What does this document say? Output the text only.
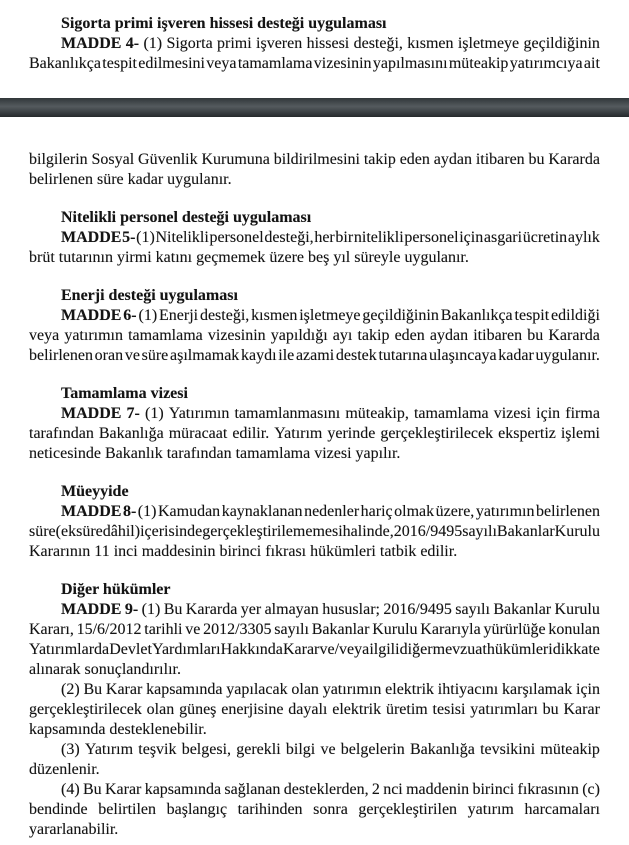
Sigorta primi işveren hissesi desteği uygulaması
MADDE 4- (1) Sigorta primi işveren hissesi desteği, kısmen işletmeye geçildiğinin
Bakanlıkça tespit edilmesini veya tamamlama vizesinin yapılmasını müteakip yatırımcıya ait
bilgilerin Sosyal Güvenlik Kurumuna bildirilmesini takip eden aydan itibaren bu Kararda
belirlenen süre kadar uygulanır.
Nitelikli personel desteği uygulaması
MADDE 5- (1) Nitelikli personel desteği, her bir nitelikli personel için asgari ücretin aylık
brüt tutarının yirmi katını geçmemek üzere beş yıl süreyle uygulanır.
Enerji desteği uygulaması
MADDE 6- (1) Enerji desteği, kısmen işletmeye geçildiğinin Bakanlıkça tespit edildiği
veya yatırımın tamamlama vizesinin yapıldığı ayı takip eden aydan itibaren bu Kararda
belirlenen oran ve süre aşılmamak kaydı ile azami destek tutarına ulaşıncaya kadar uygulanır.
Tamamlama vizesi
MADDE 7- (1) Yatırımın tamamlanmasını müteakip, tamamlama vizesi için firma
tarafından Bakanlığa müracaat edilir. Yatırım yerinde gerçekleştirilecek ekspertiz işlemi
neticesinde Bakanlık tarafından tamamlama vizesi yapılır.
Müeyyide
MADDE 8- (1) Kamudan kaynaklanan nedenler hariç olmak üzere, yatırımın belirlenen
süre (ek süre dâhil) içerisinde gerçekleştirilememesi halinde, 2016/9495 sayılı Bakanlar Kurulu
Kararının 11 inci maddesinin birinci fıkrası hükümleri tatbik edilir.
Diğer hükümler
MADDE 9- (1) Bu Kararda yer almayan hususlar; 2016/9495 sayılı Bakanlar Kurulu
Kararı, 15/6/2012 tarihli ve 2012/3305 sayılı Bakanlar Kurulu Kararıyla yürürlüğe konulan
Yatırımlarda Devlet Yardımları Hakkında Karar ve/veya ilgili diğer mevzuat hükümleri dikkate
alınarak sonuçlandırılır.
(2) Bu Karar kapsamında yapılacak olan yatırımın elektrik ihtiyacını karşılamak için
gerçekleştirilecek olan güneş enerjisine dayalı elektrik üretim tesisi yatırımları bu Karar
kapsamında desteklenebilir.
(3) Yatırım teşvik belgesi, gerekli bilgi ve belgelerin Bakanlığa tevsikini müteakip
düzenlenir.
(4) Bu Karar kapsamında sağlanan desteklerden, 2 nci maddenin birinci fıkrasının (c)
bendinde belirtilen başlangıç tarihinden sonra gerçekleştirilen yatırım harcamaları
yararlanabilir.
